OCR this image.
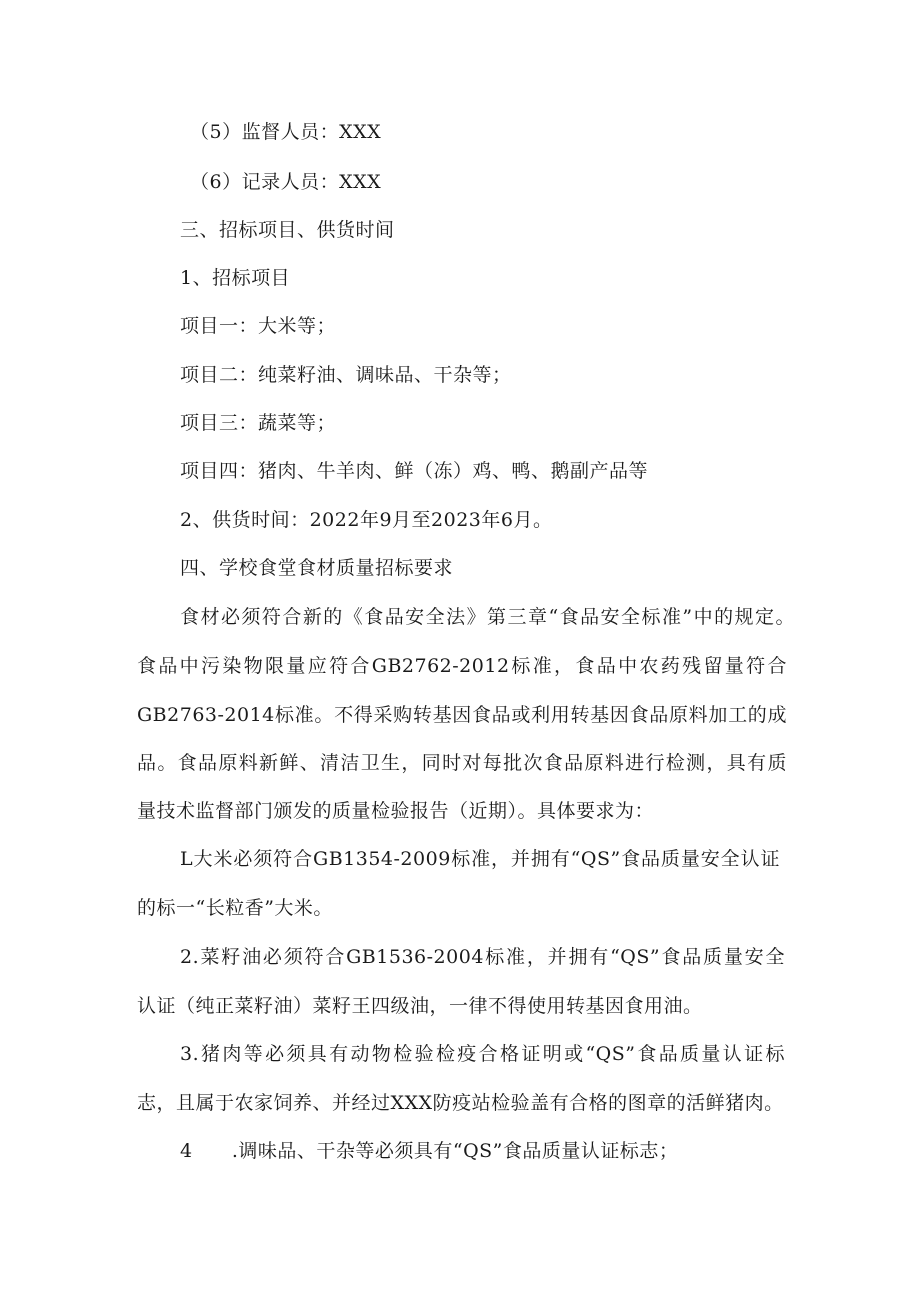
（5）监督人员：XXX
（6）记录人员：XXX
三、招标项目、供货时间
1、招标项目
项目一：大米等；
项目二：纯菜籽油、调味品、干杂等；
项目三：蔬菜等；
项目四：猪肉、牛羊肉、鲜（冻）鸡、鸭、鹅副产品等
2、供货时间：2022年9月至2023年6月。
四、学校食堂食材质量招标要求
食材必须符合新的《食品安全法》第三章“食品安全标准”中的规定。
食品中污染物限量应符合GB2762-2012标准，食品中农药残留量符合
GB2763-2014标准。不得采购转基因食品或利用转基因食品原料加工的成
品。食品原料新鲜、清洁卫生，同时对每批次食品原料进行检测，具有质
量技术监督部门颁发的质量检验报告（近期）。具体要求为：
L大米必须符合GB1354-2009标准，并拥有“QS”食品质量安全认证
的标一“长粒香”大米。
2.菜籽油必须符合GB1536-2004标准，并拥有“QS”食品质量安全
认证（纯正菜籽油）菜籽王四级油，一律不得使用转基因食用油。
3.猪肉等必须具有动物检验检疫合格证明或“QS”食品质量认证标
志，且属于农家饲养、并经过XXX防疫站检验盖有合格的图章的活鲜猪肉。
4      .调味品、干杂等必须具有“QS”食品质量认证标志；
